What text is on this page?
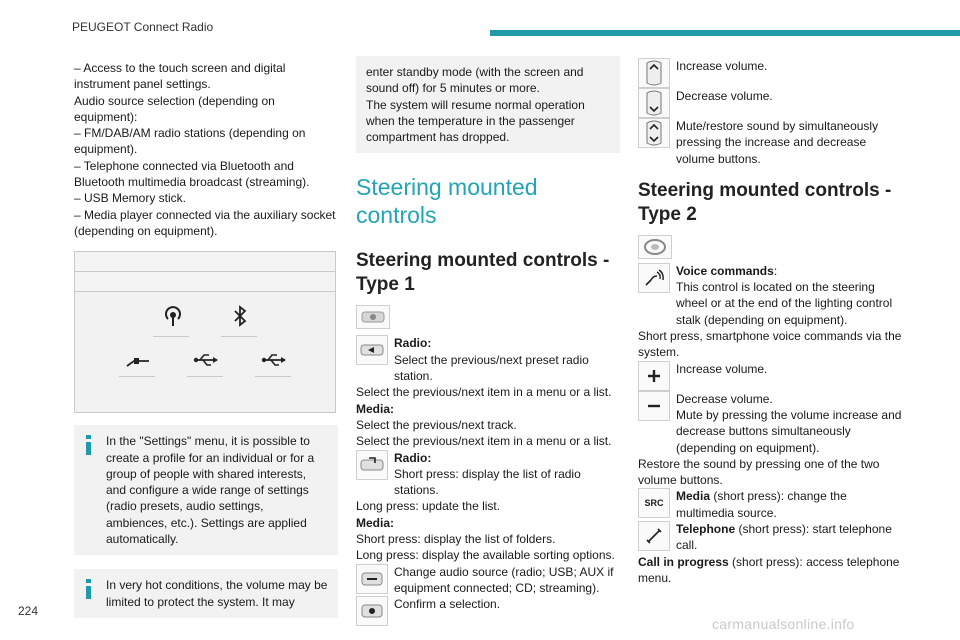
PEUGEOT Connect Radio

– Access to the touch screen and digital instrument panel settings.

Audio source selection (depending on equipment):

– FM/DAB/AM radio stations (depending on equipment).

– Telephone connected via Bluetooth and Bluetooth multimedia broadcast (streaming).

– USB Memory stick.

– Media player connected via the auxiliary socket (depending on equipment).

In the "Settings" menu, it is possible to create a profile for an individual or for a group of people with shared interests, and configure a wide range of settings (radio presets, audio settings, ambiences, etc.). Settings are applied automatically.

In very hot conditions, the volume may be limited to protect the system. It may

enter standby mode (with the screen and sound off) for 5 minutes or more.
The system will resume normal operation when the temperature in the passenger compartment has dropped.

Steering mounted controls
Steering mounted controls - Type 1

Radio:

Select the previous/next preset radio station.

Select the previous/next item in a menu or a list.

Media:

Select the previous/next track.

Select the previous/next item in a menu or a list.

Radio:

Short press: display the list of radio stations.

Long press: update the list.

Media:

Short press: display the list of folders.

Long press: display the available sorting options.

Change audio source (radio; USB; AUX if equipment connected; CD; streaming).

Confirm a selection.

Increase volume.

Decrease volume.

Mute/restore sound by simultaneously pressing the increase and decrease volume buttons.

Steering mounted controls - Type 2

Voice commands:

This control is located on the steering wheel or at the end of the lighting control stalk (depending on equipment).

Short press, smartphone voice commands via the system.

Increase volume.

Decrease volume.

Mute by pressing the volume increase and decrease buttons simultaneously (depending on equipment).

Restore the sound by pressing one of the two volume buttons.

SRC Media (short press): change the multimedia source.

Telephone (short press): start telephone call.

Call in progress (short press): access telephone menu.

224
carmanualsonline.info
